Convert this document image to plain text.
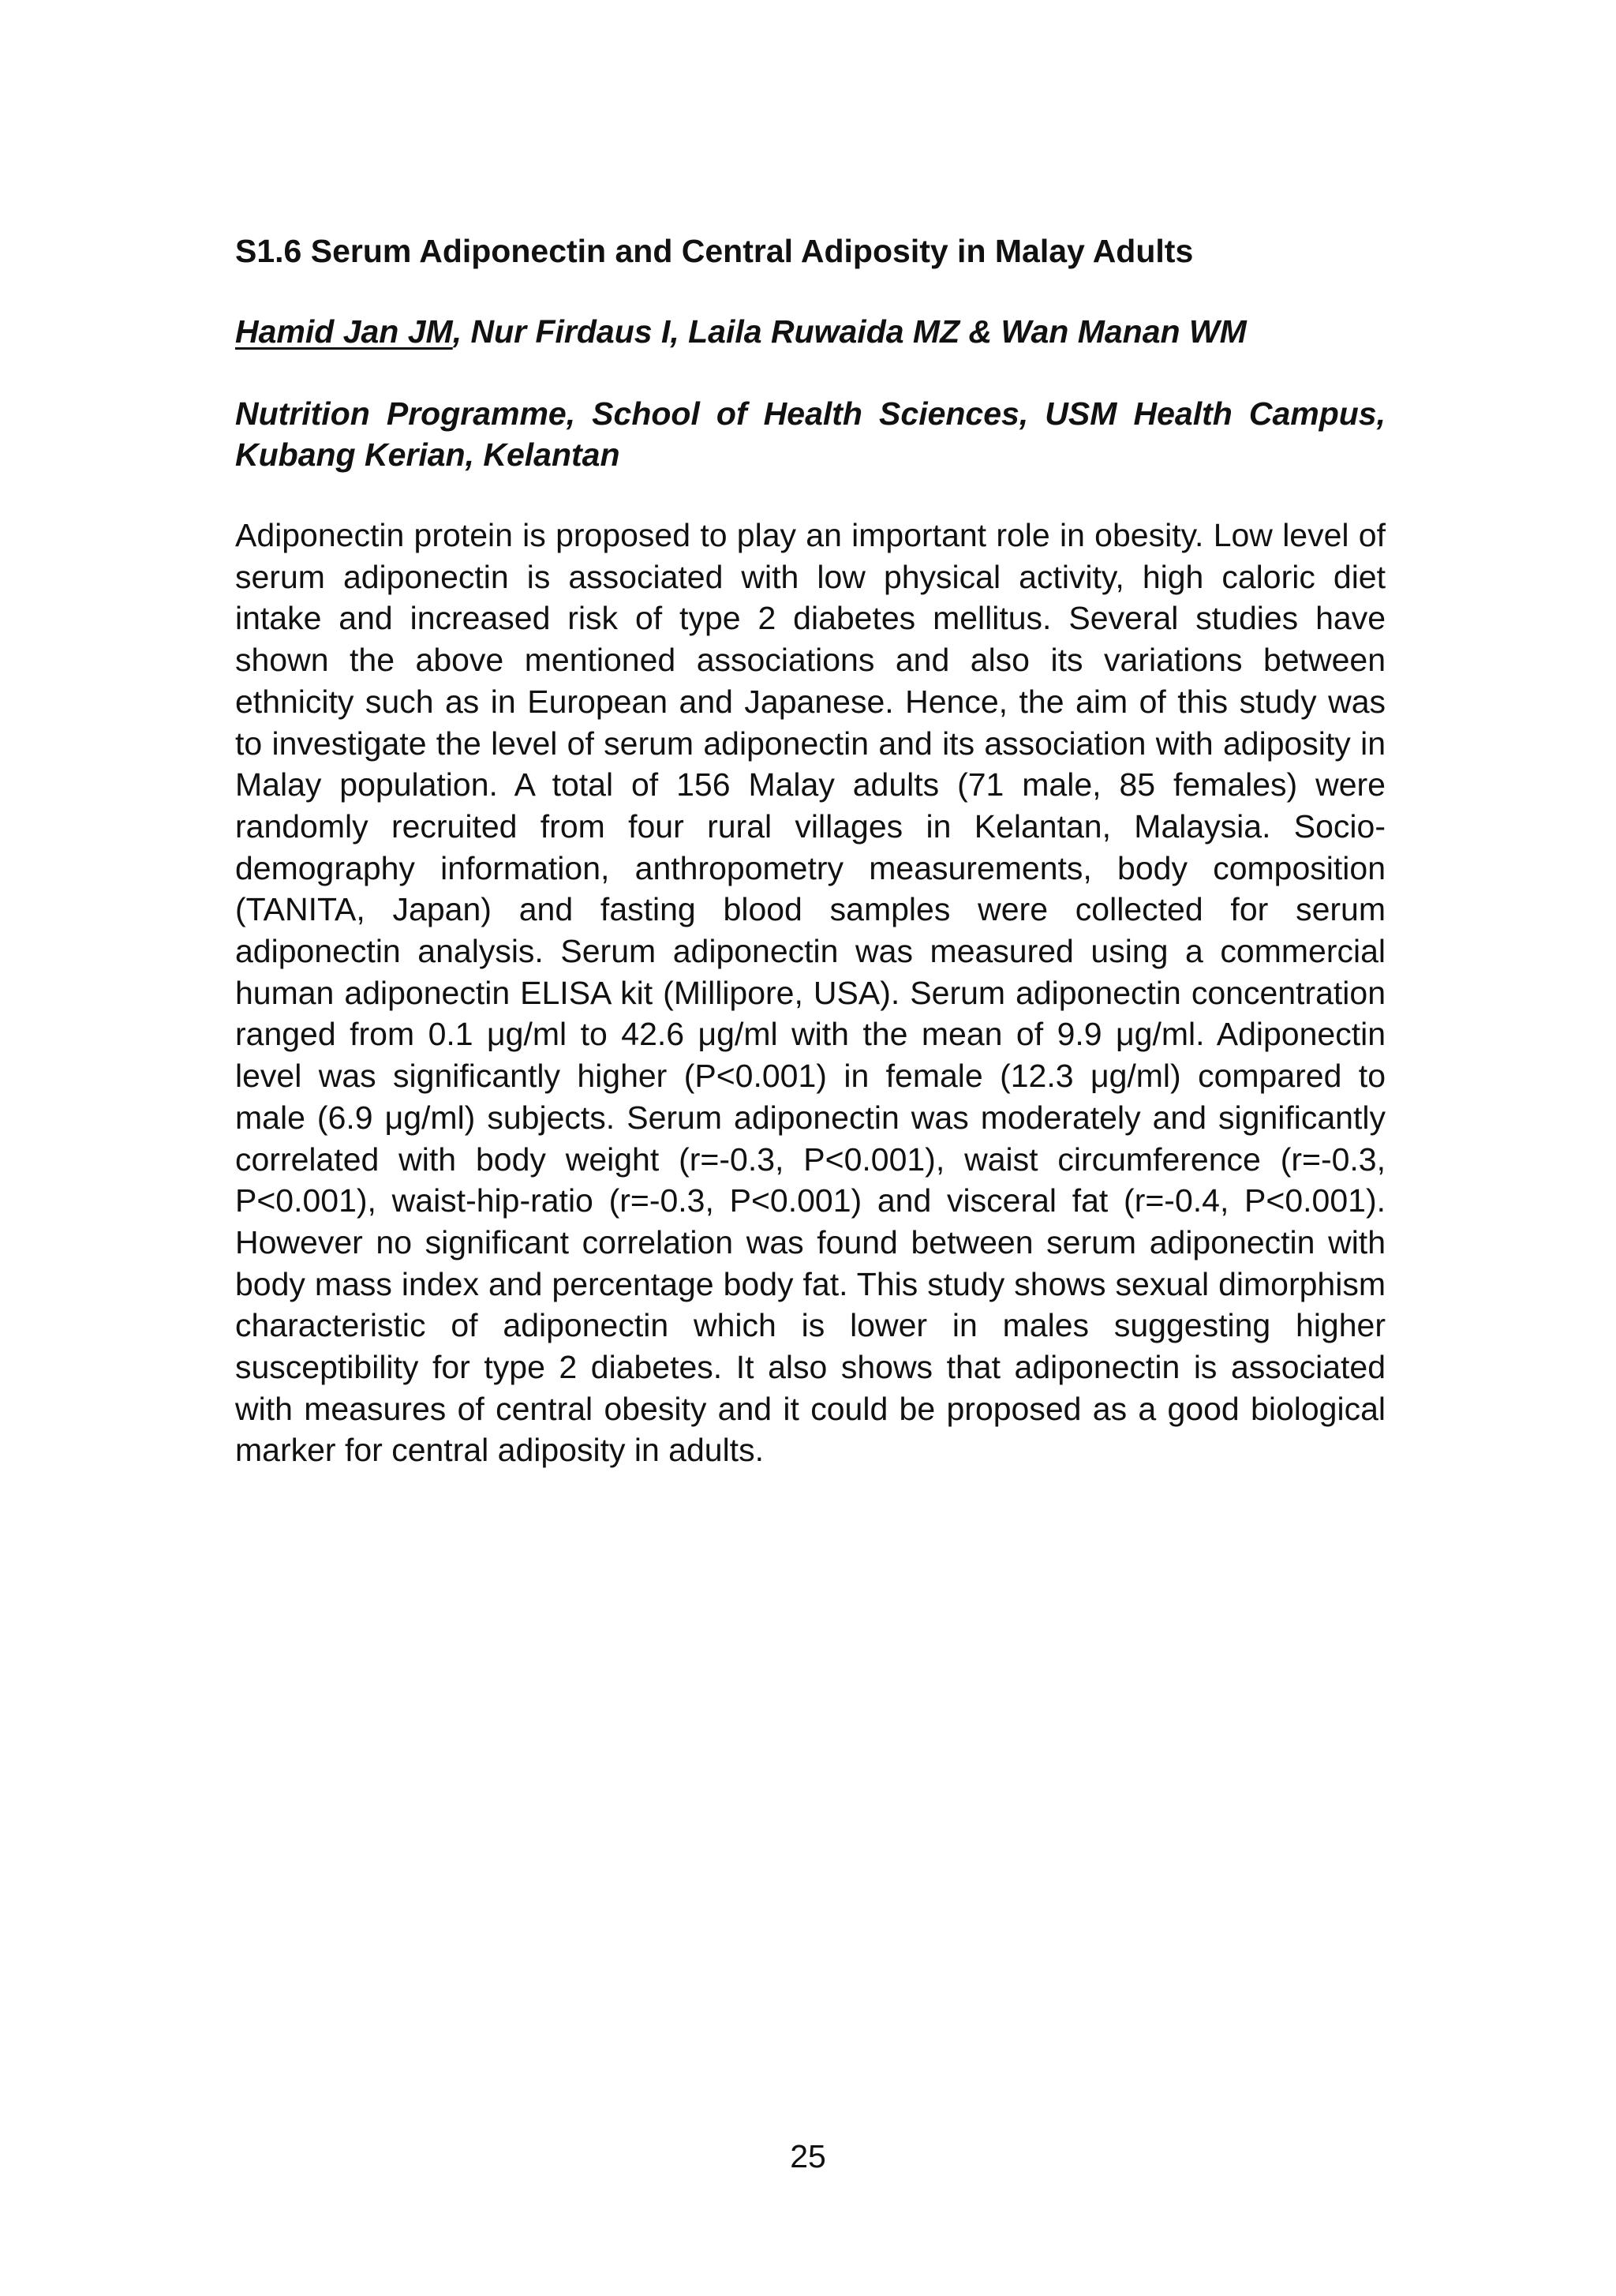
S1.6 Serum Adiponectin and Central Adiposity in Malay Adults
Hamid Jan JM, Nur Firdaus I, Laila Ruwaida MZ & Wan Manan WM
Nutrition Programme, School of Health Sciences, USM Health Campus, Kubang Kerian, Kelantan

Adiponectin protein is proposed to play an important role in obesity. Low level of serum adiponectin is associated with low physical activity, high caloric diet intake and increased risk of type 2 diabetes mellitus. Several studies have shown the above mentioned associations and also its variations between ethnicity such as in European and Japanese. Hence, the aim of this study was to investigate the level of serum adiponectin and its association with adiposity in Malay population. A total of 156 Malay adults (71 male, 85 females) were randomly recruited from four rural villages in Kelantan, Malaysia. Socio-demography information, anthropometry measurements, body composition (TANITA, Japan) and fasting blood samples were collected for serum adiponectin analysis. Serum adiponectin was measured using a commercial human adiponectin ELISA kit (Millipore, USA). Serum adiponectin concentration ranged from 0.1 μg/ml to 42.6 μg/ml with the mean of 9.9 μg/ml. Adiponectin level was significantly higher (P<0.001) in female (12.3 μg/ml) compared to male (6.9 μg/ml) subjects. Serum adiponectin was moderately and significantly correlated with body weight (r=-0.3, P<0.001), waist circumference (r=-0.3, P<0.001), waist-hip-ratio (r=-0.3, P<0.001) and visceral fat (r=-0.4, P<0.001). However no significant correlation was found between serum adiponectin with body mass index and percentage body fat. This study shows sexual dimorphism characteristic of adiponectin which is lower in males suggesting higher susceptibility for type 2 diabetes. It also shows that adiponectin is associated with measures of central obesity and it could be proposed as a good biological marker for central adiposity in adults.

25
